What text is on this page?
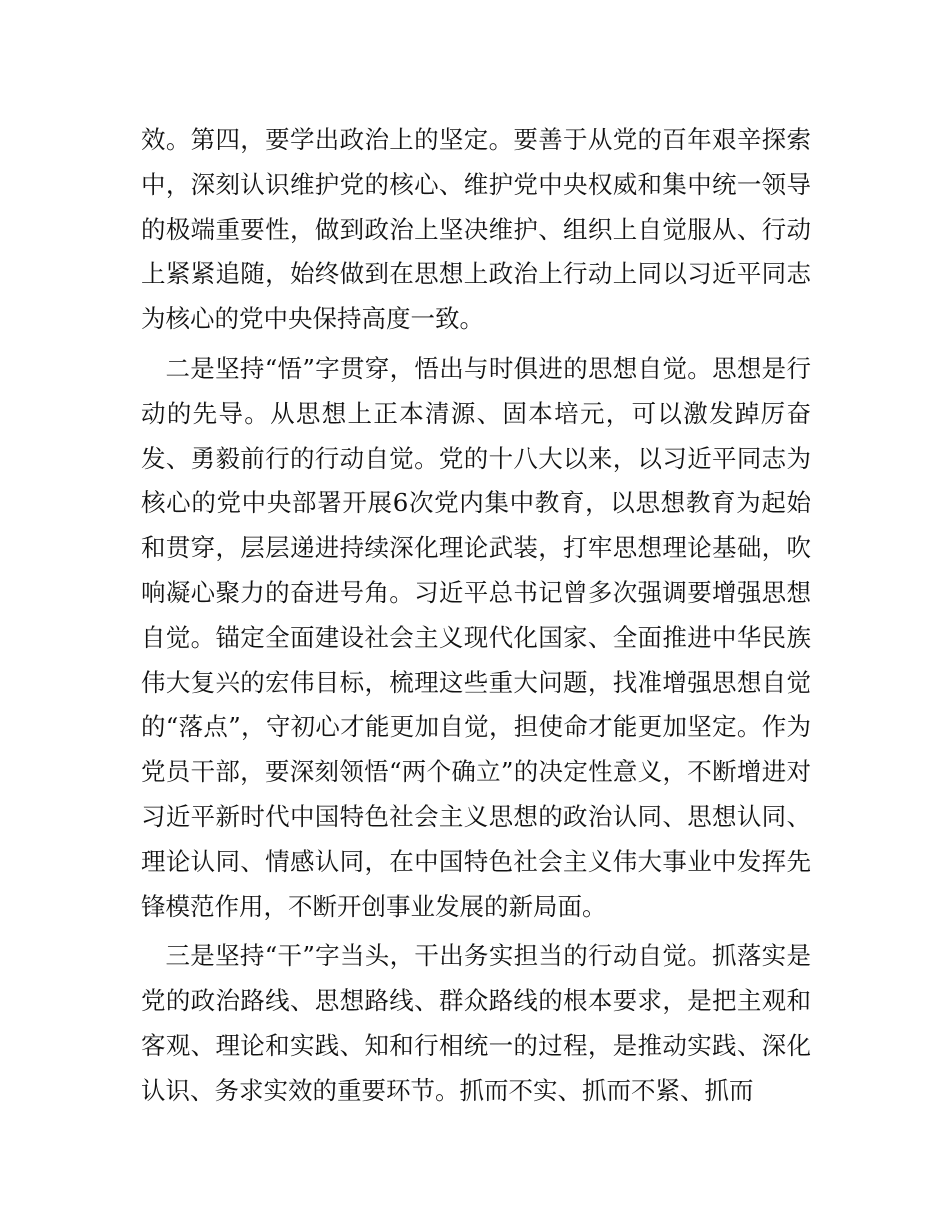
效。第四，要学出政治上的坚定。要善于从党的百年艰辛探索中，深刻认识维护党的核心、维护党中央权威和集中统一领导的极端重要性，做到政治上坚决维护、组织上自觉服从、行动上紧紧追随，始终做到在思想上政治上行动上同以习近平同志为核心的党中央保持高度一致。

二是坚持“悟”字贯穿，悟出与时俱进的思想自觉。思想是行动的先导。从思想上正本清源、固本培元，可以激发踔厉奋发、勇毅前行的行动自觉。党的十八大以来，以习近平同志为核心的党中央部署开展6次党内集中教育，以思想教育为起始和贯穿，层层递进持续深化理论武装，打牢思想理论基础，吹响凝心聚力的奋进号角。习近平总书记曾多次强调要增强思想自觉。锚定全面建设社会主义现代化国家、全面推进中华民族伟大复兴的宏伟目标，梳理这些重大问题，找准增强思想自觉的“落点”，守初心才能更加自觉，担使命才能更加坚定。作为党员干部，要深刻领悟“两个确立”的决定性意义，不断增进对习近平新时代中国特色社会主义思想的政治认同、思想认同、理论认同、情感认同，在中国特色社会主义伟大事业中发挥先锋模范作用，不断开创事业发展的新局面。

三是坚持“干”字当头，干出务实担当的行动自觉。抓落实是党的政治路线、思想路线、群众路线的根本要求，是把主观和客观、理论和实践、知和行相统一的过程，是推动实践、深化认识、务求实效的重要环节。抓而不实、抓而不紧、抓而
